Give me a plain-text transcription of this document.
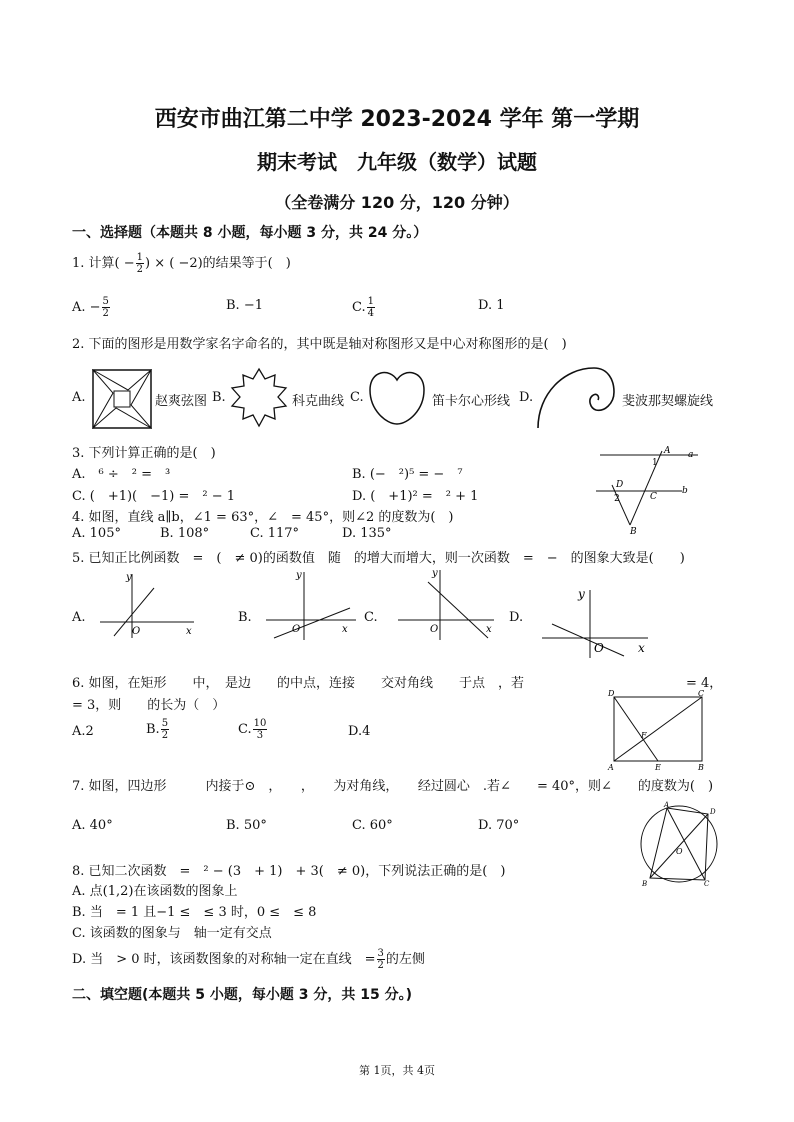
西安市曲江第二中学 2023-2024 学年 第一学期
期末考试　九年级（数学）试题
（全卷满分 120 分，120 分钟）
一、选择题（本题共 8 小题，每小题 3 分，共 24 分。）
1. 计算( − $\frac{1}{2}$ ) × ( −2)的结果等于(　)
A. − $\frac{5}{2}$	B. −1	C. $\frac{1}{4}$	D. 1
2. 下面的图形是用数学家名字命名的，其中既是轴对称图形又是中心对称图形的是(　)
A.	赵爽弦图 B.	科克曲线 C.	笛卡尔心形线 D.	斐波那契螺旋线
3. 下列计算正确的是(　)
A.　⁶ ÷　² =　³	B. (−　²)⁵ = −　⁷
C. (　+1)(　−1) =　² − 1	D. (　+1)² =　² + 1
A a
1
D
b
2	C
B
4. 如图，直线 a∥b，∠1 = 63°，∠　= 45°，则∠2 的度数为(　)
A. 105°	B. 108°	C. 117°	D. 135°
5. 已知正比例函数　=　(　≠ 0)的函数值　随　的增大而增大，则一次函数　=　−　的图象大致是(　　)
A.
y
x
O
B.
y
x
O
C.
y
x
O
D.
y
x
O
6. 如图，在矩形　　中，　是边　　的中点，连接　　交对角线　　于点　，若	= 4，
= 3，则　　的长为（　）
A.2	B. $\frac{5}{2}$	C. $\frac{10}{3}$	D.4
D	C
F
A	E	B
7. 如图，四边形　　　内接于⊙　，　　，　　为对角线，　　经过圆心　.若∠　　= 40°，则∠　　的度数为(　)
A. 40°	B. 50°	C. 60°	D. 70°
A
D
O
B	C
8. 已知二次函数　=　² − (3　+ 1)　+ 3(　≠ 0)，下列说法正确的是(　)
A. 点(1,2)在该函数的图象上
B. 当　= 1 且−1 ≤　≤ 3 时，0 ≤　≤ 8
C. 该函数的图象与　轴一定有交点
D. 当　> 0 时，该函数图象的对称轴一定在直线　= $\frac{3}{2}$ 的左侧
二、填空题(本题共 5 小题，每小题 3 分，共 15 分。)
第 1页，共 4页
